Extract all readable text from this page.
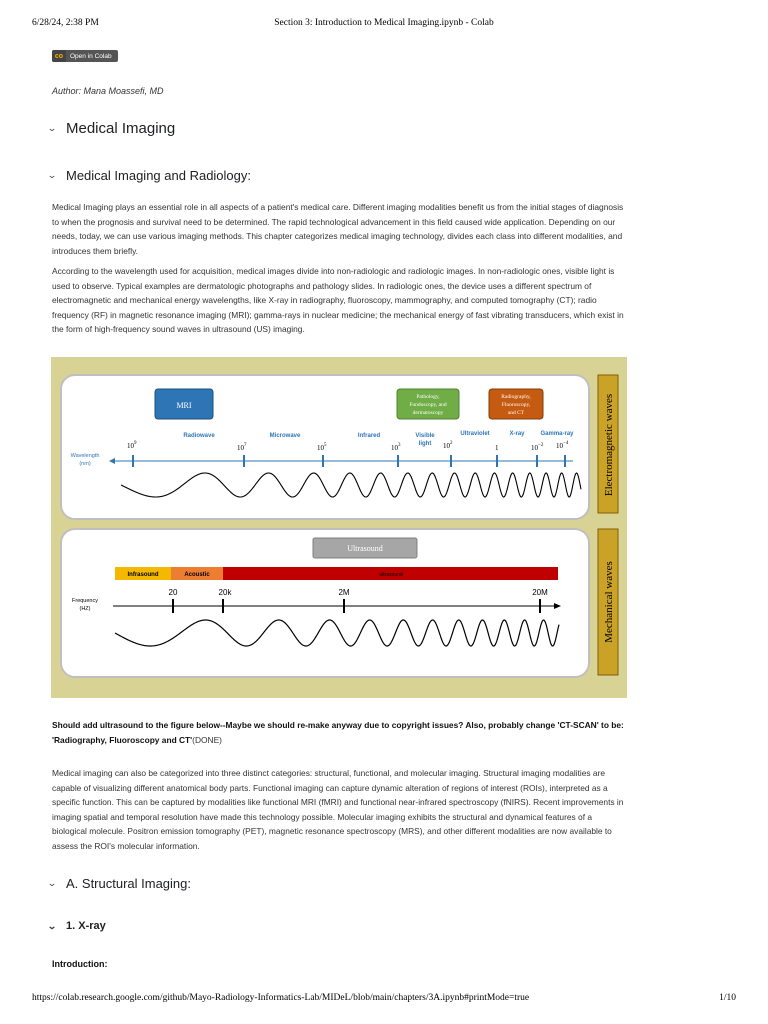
6/28/24, 2:38 PM	Section 3: Introduction to Medical Imaging.ipynb - Colab
co	Open in Colab
Author: Mana Moassefi, MD
⌄ Medical Imaging
⌄ Medical Imaging and Radiology:

Medical Imaging plays an essential role in all aspects of a patient's medical care. Different imaging modalities benefit us from the initial stages of diagnosis to when the prognosis and survival need to be determined. The rapid technological advancement in this field caused wide application. Depending on our needs, today, we can use various imaging methods. This chapter categorizes medical imaging technology, divides each class into different modalities, and introduces them briefly.

According to the wavelength used for acquisition, medical images divide into non-radiologic and radiologic images. In non-radiologic ones, visible light is used to observe. Typical examples are dermatologic photographs and pathology slides. In radiologic ones, the device uses a different spectrum of electromagnetic and mechanical energy wavelengths, like X-ray in radiography, fluoroscopy, mammography, and computed tomography (CT); radio frequency (RF) in magnetic resonance imaging (MRI); gamma-rays in nuclear medicine; the mechanical energy of fast vibrating transducers, which exist in the form of high-frequency sound waves in ultrasound (US) imaging.

Electromagnetic waves
MRI
Pathology,
Fundoscopy, and
dermatoscopy
Radiography,
Fluoroscopy,
and CT
Radiowave	Microwave	Infrared	Visible
light
Ultraviolet	X-ray	Gamma-ray
$10^9$
$10^7$	$10^5$	$10^3$	$10^2$
1	$10^{-2}$ $10^{-4}$
Wavelength
(nm)
Mechanical waves
Ultrasound
Infrasound	Acoustic	ultrasound
20	20k	2M	20M
Frequency
(HZ)

Should add ultrasound to the figure below--Maybe we should re-make anyway due to copyright issues? Also, probably change 'CT-SCAN' to be: 'Radiography, Fluoroscopy and CT'(DONE)

Medical imaging can also be categorized into three distinct categories: structural, functional, and molecular imaging. Structural imaging modalities are capable of visualizing different anatomical body parts. Functional imaging can capture dynamic alteration of regions of interest (ROIs), interpreted as a specific function. This can be captured by modalities like functional MRI (fMRI) and functional near-infrared spectroscopy (fNIRS). Recent improvements in imaging spatial and temporal resolution have made this technology possible. Molecular imaging exhibits the structural and dynamical features of a biological molecule. Positron emission tomography (PET), magnetic resonance spectroscopy (MRS), and other different modalities are now available to assess the ROI's molecular information.

⌄ A. Structural Imaging:
⌄ 1. X-ray
Introduction:
https://colab.research.google.com/github/Mayo-Radiology-Informatics-Lab/MIDeL/blob/main/chapters/3A.ipynb#printMode=true	1/10
